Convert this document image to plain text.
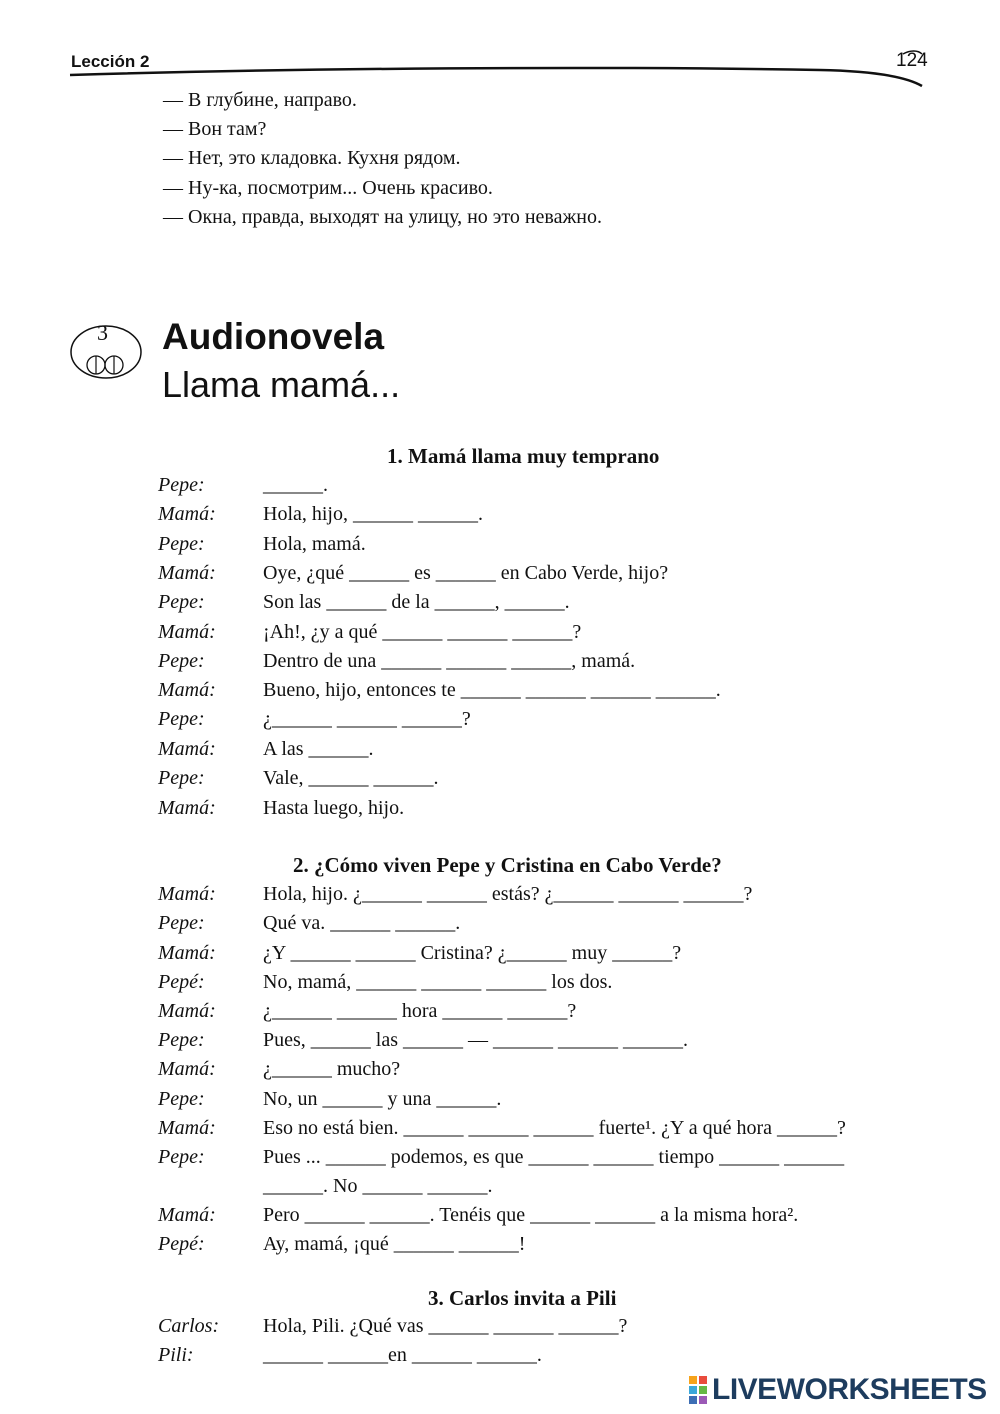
Lección 2	124
— В глубине, направо.
— Вон там?
— Нет, это кладовка. Кухня рядом.
— Ну-ка, посмотрим... Очень красиво.
— Окна, правда, выходят на улицу, но это неважно.
3 Audionovela
Llama mamá...
1. Mamá llama muy temprano
Pepe:	______.
Mamá: Hola, hijo, ______ ______.
Pepe:	Hola, mamá.
Mamá: Oye, ¿qué ______ es ______ en Cabo Verde, hijo?
Pepe:	Son las ______ de la ______, ______.
Mamá: ¡Ah!, ¿y a qué ______ ______ ______?
Pepe:	Dentro de una ______ ______ ______, mamá.
Mamá: Bueno, hijo, entonces te ______ ______ ______ ______.
Pepe:	¿______ ______ ______?
Mamá: A las ______.
Pepe:	Vale, ______ ______.
Mamá: Hasta luego, hijo.
2. ¿Cómo viven Pepe y Cristina en Cabo Verde?
Mamá: Hola, hijo. ¿______ ______ estás? ¿______ ______ ______?
Pepe:	Qué va. ______ ______.
Mamá: ¿Y ______ ______ Cristina? ¿______ muy ______?
Pepé:	No, mamá, ______ ______ ______ los dos.
Mamá: ¿______ ______ hora ______ ______?
Pepe:	Pues, ______ las ______ — ______ ______ ______.
Mamá: ¿______ mucho?
Pepe:	No, un ______ y una ______.
Mamá: Eso no está bien. ______ ______ ______ fuerte¹. ¿Y a qué hora ______?
Pepe:	Pues ... ______ podemos, es que ______ ______ tiempo ______ ______
______. No ______ ______.
Mamá: Pero ______ ______. Tenéis que ______ ______ a la misma hora².
Pepé:	Ay, mamá, ¡qué ______ ______!
3. Carlos invita a Pili
Carlos: Hola, Pili. ¿Qué vas ______ ______ ______?
Pili:	______ ______en ______ ______.
LIVEWORKSHEETS
